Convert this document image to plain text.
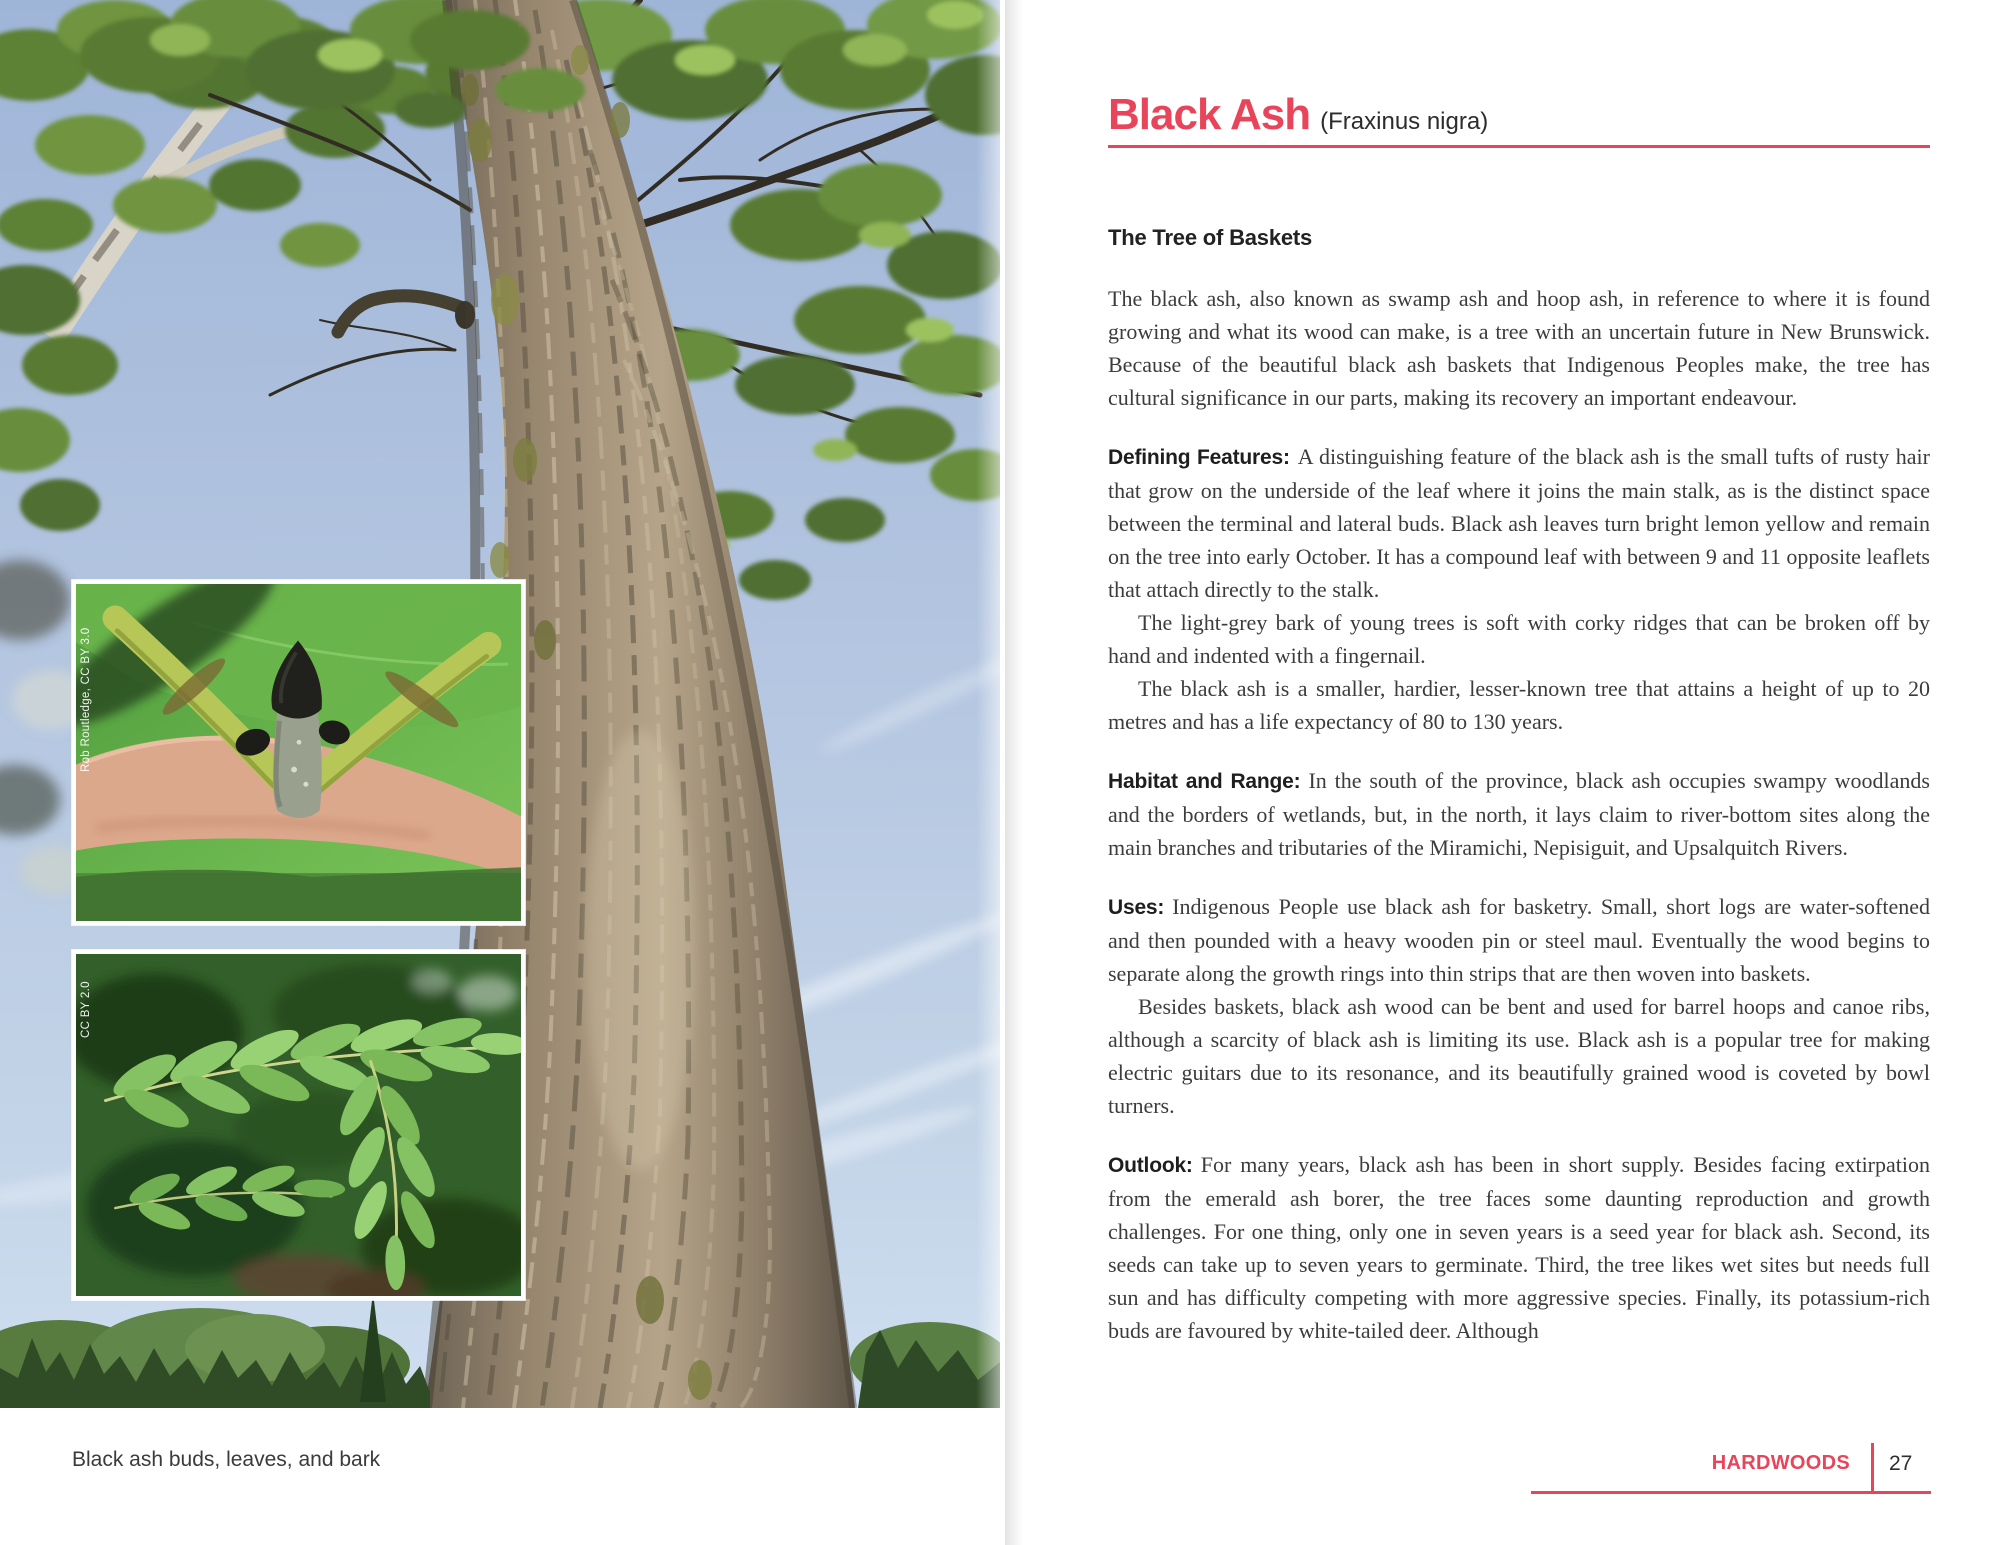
Rob Routledge, CC BY 3.0
CC BY 2.0

Black ash buds, leaves, and bark

Black Ash (Fraxinus nigra)
The Tree of Baskets

The black ash, also known as swamp ash and hoop ash, in reference to where it is found growing and what its wood can make, is a tree with an uncertain future in New Brunswick. Because of the beautiful black ash baskets that Indigenous Peoples make, the tree has cultural significance in our parts, making its recovery an important endeavour.

Defining Features: A distinguishing feature of the black ash is the small tufts of rusty hair that grow on the underside of the leaf where it joins the main stalk, as is the distinct space between the terminal and lateral buds. Black ash leaves turn bright lemon yellow and remain on the tree into early October. It has a compound leaf with between 9 and 11 opposite leaflets that attach directly to the stalk.

The light-grey bark of young trees is soft with corky ridges that can be broken off by hand and indented with a fingernail.

The black ash is a smaller, hardier, lesser-known tree that attains a height of up to 20 metres and has a life expectancy of 80 to 130 years.

Habitat and Range: In the south of the province, black ash occupies swampy woodlands and the borders of wetlands, but, in the north, it lays claim to river-bottom sites along the main branches and tributaries of the Miramichi, Nepisiguit, and Upsalquitch Rivers.

Uses: Indigenous People use black ash for basketry. Small, short logs are water-softened and then pounded with a heavy wooden pin or steel maul. Eventually the wood begins to separate along the growth rings into thin strips that are then woven into baskets.

Besides baskets, black ash wood can be bent and used for barrel hoops and canoe ribs, although a scarcity of black ash is limiting its use. Black ash is a popular tree for making electric guitars due to its resonance, and its beautifully grained wood is coveted by bowl turners.

Outlook: For many years, black ash has been in short supply. Besides facing extirpation from the emerald ash borer, the tree faces some daunting reproduction and growth challenges. For one thing, only one in seven years is a seed year for black ash. Second, its seeds can take up to seven years to germinate. Third, the tree likes wet sites but needs full sun and has difficulty competing with more aggressive species. Finally, its potassium-rich buds are favoured by white-tailed deer. Although

HARDWOODS 27
